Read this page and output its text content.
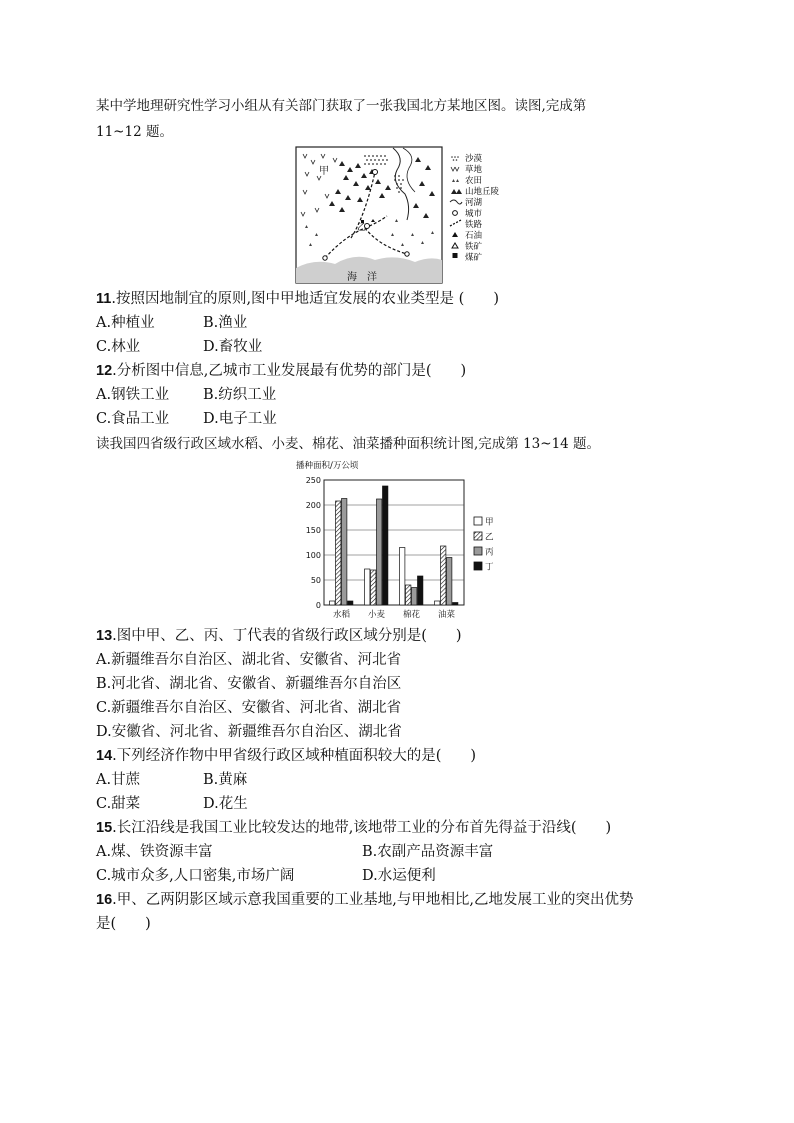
某中学地理研究性学习小组从有关部门获取了一张我国北方某地区图。读图,完成第
11~12 题。
海　洋
甲
乙
沙漠
草地
农田
山地丘陵
河湖
城市
铁路
石油
铁矿
煤矿
11.按照因地制宜的原则,图中甲地适宜发展的农业类型是 (　　)
A.种植业	B.渔业
C.林业	D.畜牧业
12.分析图中信息,乙城市工业发展最有优势的部门是(　　)
A.钢铁工业 B.纺织工业
C.食品工业 D.电子工业
读我国四省级行政区域水稻、小麦、棉花、油菜播种面积统计图,完成第 13~14 题。
播种面积/万公顷
0
50
100
150
200
250
水稻 小麦 棉花 油菜
甲
乙
丙
丁
13.图中甲、乙、丙、丁代表的省级行政区域分别是(　　)
A.新疆维吾尔自治区、湖北省、安徽省、河北省
B.河北省、湖北省、安徽省、新疆维吾尔自治区
C.新疆维吾尔自治区、安徽省、河北省、湖北省
D.安徽省、河北省、新疆维吾尔自治区、湖北省
14.下列经济作物中甲省级行政区域种植面积较大的是(　　)
A.甘蔗	B.黄麻
C.甜菜	D.花生
15.长江沿线是我国工业比较发达的地带,该地带工业的分布首先得益于沿线(　　)
A.煤、铁资源丰富	B.农副产品资源丰富
C.城市众多,人口密集,市场广阔	D.水运便利
16.甲、乙两阴影区域示意我国重要的工业基地,与甲地相比,乙地发展工业的突出优势
是(　　)
